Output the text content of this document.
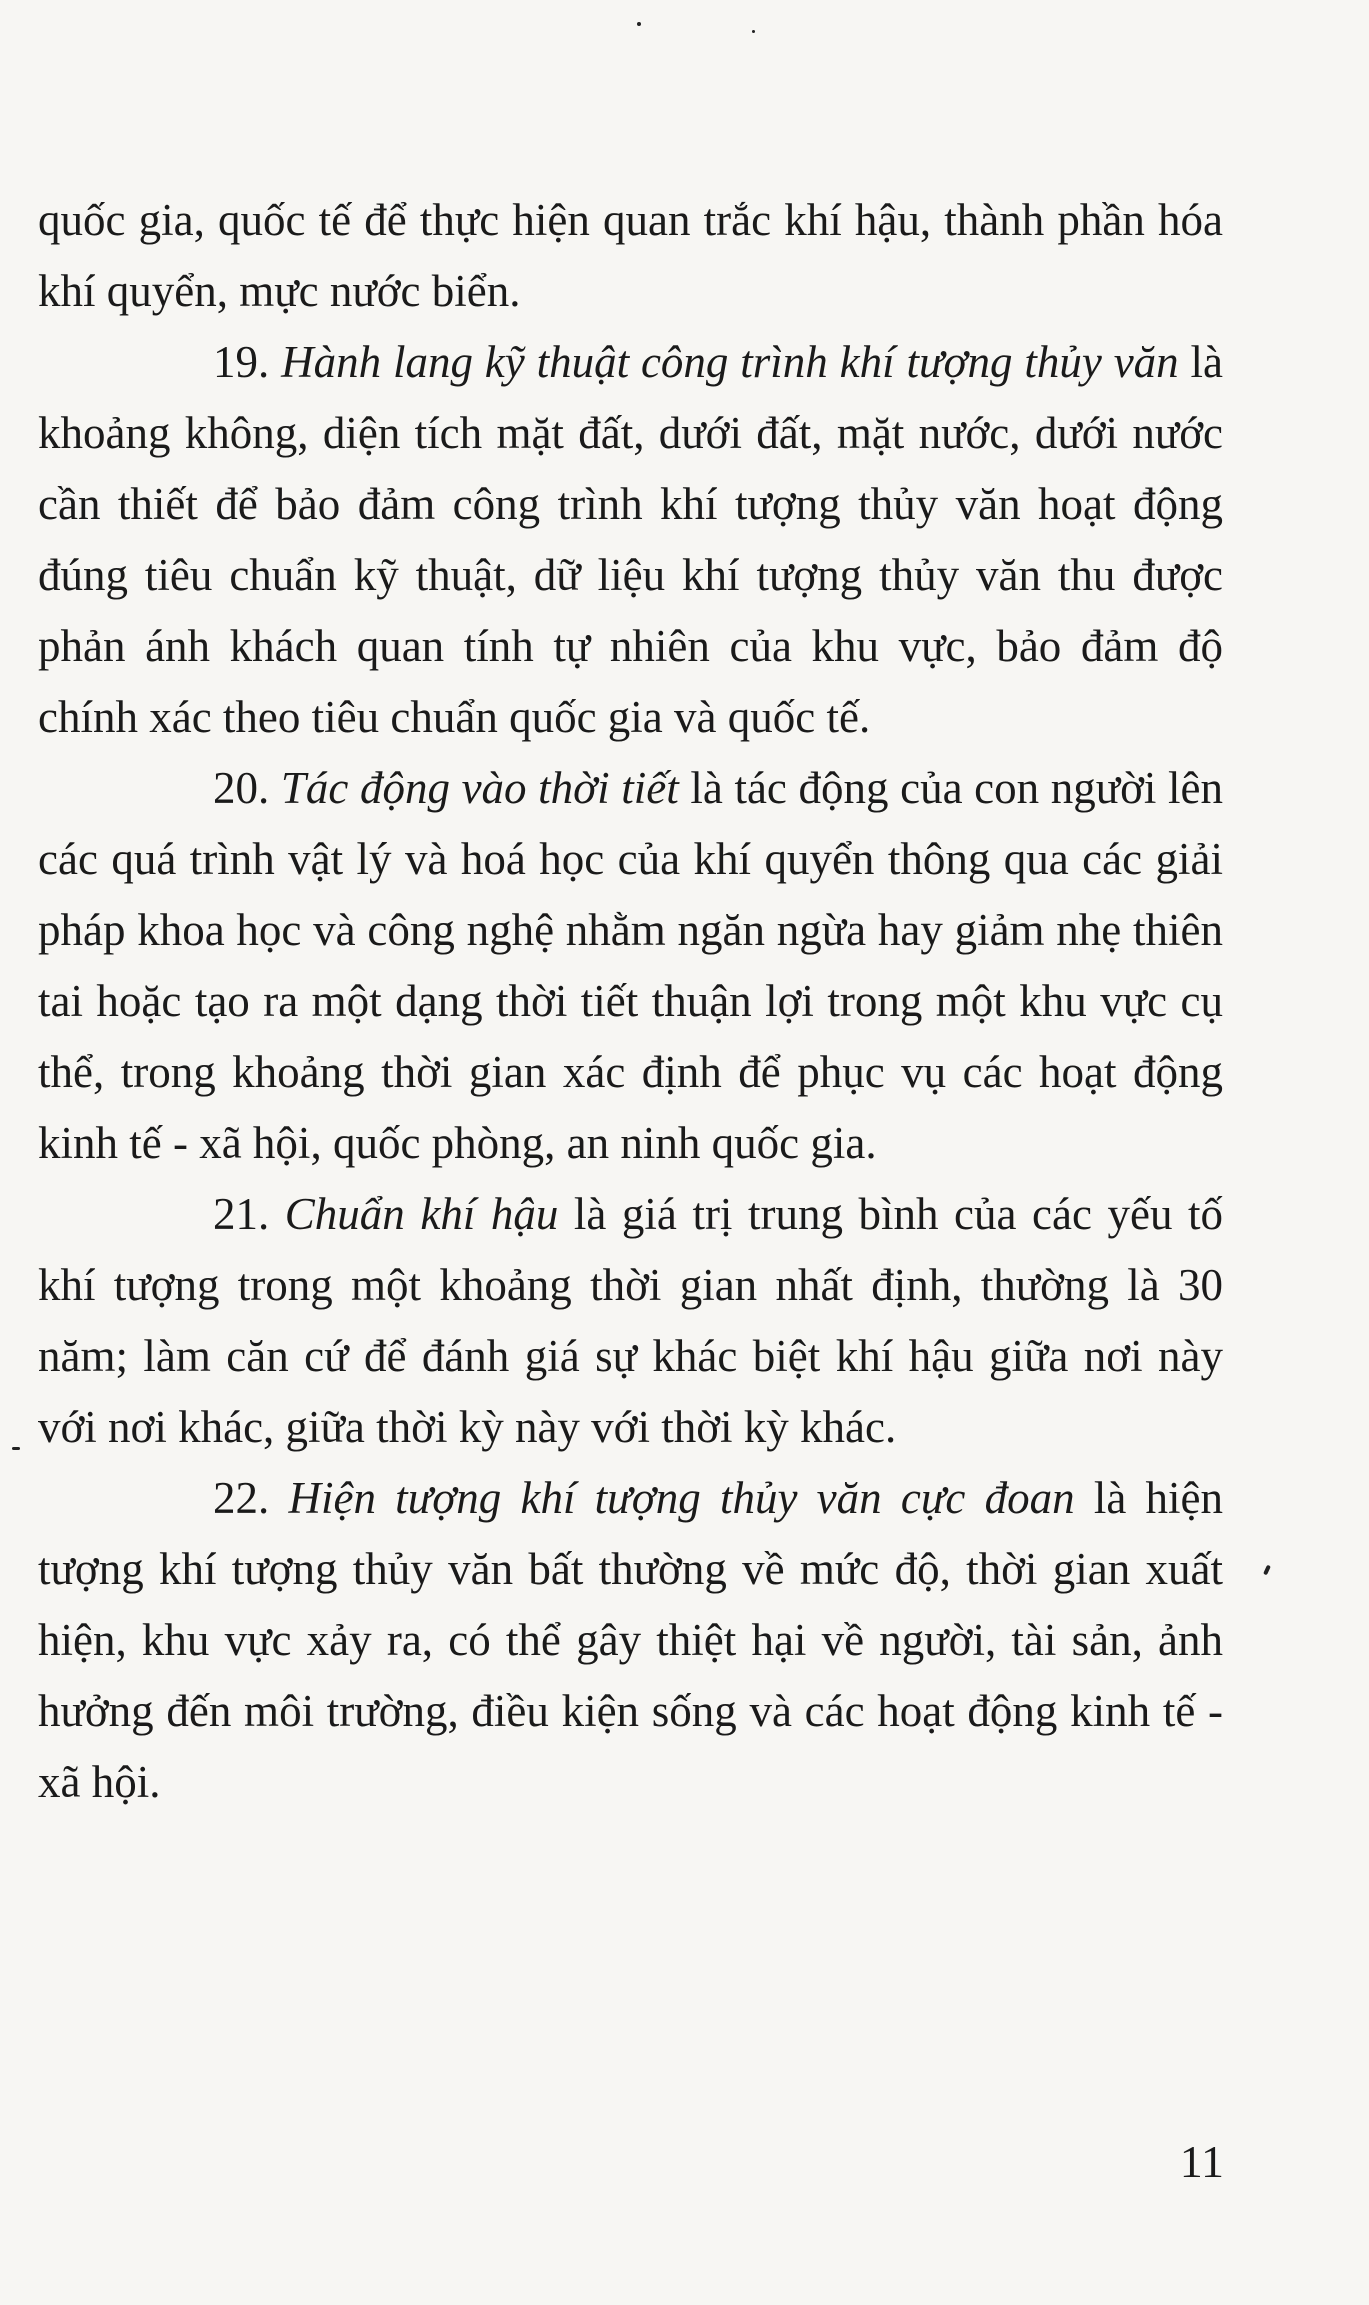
quốc gia, quốc tế để thực hiện quan trắc khí hậu, thành phần hóa khí quyển, mực nước biển.

19. Hành lang kỹ thuật công trình khí tượng thủy văn là khoảng không, diện tích mặt đất, dưới đất, mặt nước, dưới nước cần thiết để bảo đảm công trình khí tượng thủy văn hoạt động đúng tiêu chuẩn kỹ thuật, dữ liệu khí tượng thủy văn thu được phản ánh khách quan tính tự nhiên của khu vực, bảo đảm độ chính xác theo tiêu chuẩn quốc gia và quốc tế.

20. Tác động vào thời tiết là tác động của con người lên các quá trình vật lý và hoá học của khí quyển thông qua các giải pháp khoa học và công nghệ nhằm ngăn ngừa hay giảm nhẹ thiên tai hoặc tạo ra một dạng thời tiết thuận lợi trong một khu vực cụ thể, trong khoảng thời gian xác định để phục vụ các hoạt động kinh tế - xã hội, quốc phòng, an ninh quốc gia.

21. Chuẩn khí hậu là giá trị trung bình của các yếu tố khí tượng trong một khoảng thời gian nhất định, thường là 30 năm; làm căn cứ để đánh giá sự khác biệt khí hậu giữa nơi này với nơi khác, giữa thời kỳ này với thời kỳ khác.

22. Hiện tượng khí tượng thủy văn cực đoan là hiện tượng khí tượng thủy văn bất thường về mức độ, thời gian xuất hiện, khu vực xảy ra, có thể gây thiệt hại về người, tài sản, ảnh hưởng đến môi trường, điều kiện sống và các hoạt động kinh tế - xã hội.

11
